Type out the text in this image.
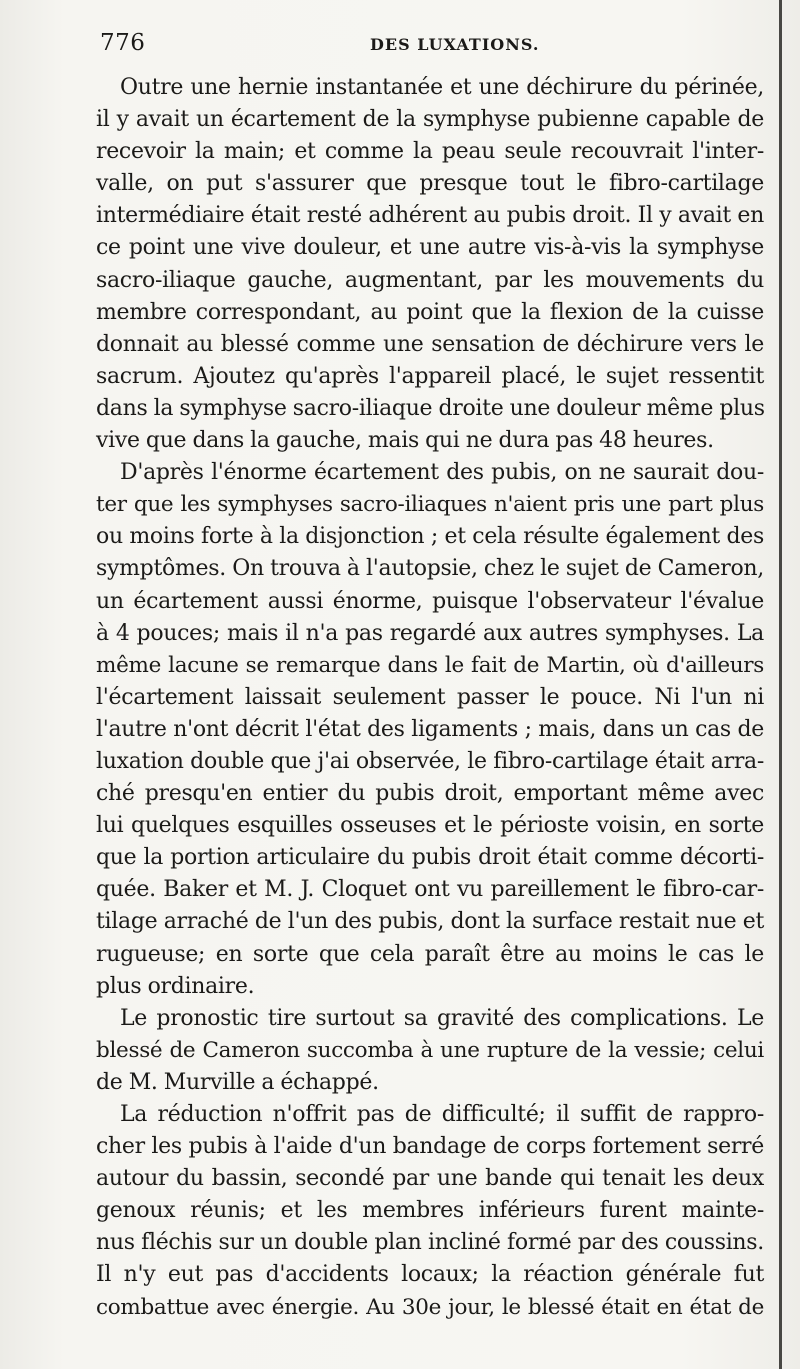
776	DES LUXATIONS.
Outre une hernie instantanée et une déchirure du périnée,
il y avait un écartement de la symphyse pubienne capable de
recevoir la main; et comme la peau seule recouvrait l'inter-
valle, on put s'assurer que presque tout le fibro-cartilage
intermédiaire était resté adhérent au pubis droit. Il y avait en
ce point une vive douleur, et une autre vis-à-vis la symphyse
sacro-iliaque gauche, augmentant, par les mouvements du
membre correspondant, au point que la flexion de la cuisse
donnait au blessé comme une sensation de déchirure vers le
sacrum. Ajoutez qu'après l'appareil placé, le sujet ressentit
dans la symphyse sacro-iliaque droite une douleur même plus
vive que dans la gauche, mais qui ne dura pas 48 heures.
D'après l'énorme écartement des pubis, on ne saurait dou-
ter que les symphyses sacro-iliaques n'aient pris une part plus
ou moins forte à la disjonction ; et cela résulte également des
symptômes. On trouva à l'autopsie, chez le sujet de Cameron,
un écartement aussi énorme, puisque l'observateur l'évalue
à 4 pouces; mais il n'a pas regardé aux autres symphyses. La
même lacune se remarque dans le fait de Martin, où d'ailleurs
l'écartement laissait seulement passer le pouce. Ni l'un ni
l'autre n'ont décrit l'état des ligaments ; mais, dans un cas de
luxation double que j'ai observée, le fibro-cartilage était arra-
ché presqu'en entier du pubis droit, emportant même avec
lui quelques esquilles osseuses et le périoste voisin, en sorte
que la portion articulaire du pubis droit était comme décorti-
quée. Baker et M. J. Cloquet ont vu pareillement le fibro-car-
tilage arraché de l'un des pubis, dont la surface restait nue et
rugueuse; en sorte que cela paraît être au moins le cas le
plus ordinaire.
Le pronostic tire surtout sa gravité des complications. Le
blessé de Cameron succomba à une rupture de la vessie; celui
de M. Murville a échappé.
La réduction n'offrit pas de difficulté; il suffit de rappro-
cher les pubis à l'aide d'un bandage de corps fortement serré
autour du bassin, secondé par une bande qui tenait les deux
genoux réunis; et les membres inférieurs furent mainte-
nus fléchis sur un double plan incliné formé par des coussins.
Il n'y eut pas d'accidents locaux; la réaction générale fut
combattue avec énergie. Au 30e jour, le blessé était en état de
